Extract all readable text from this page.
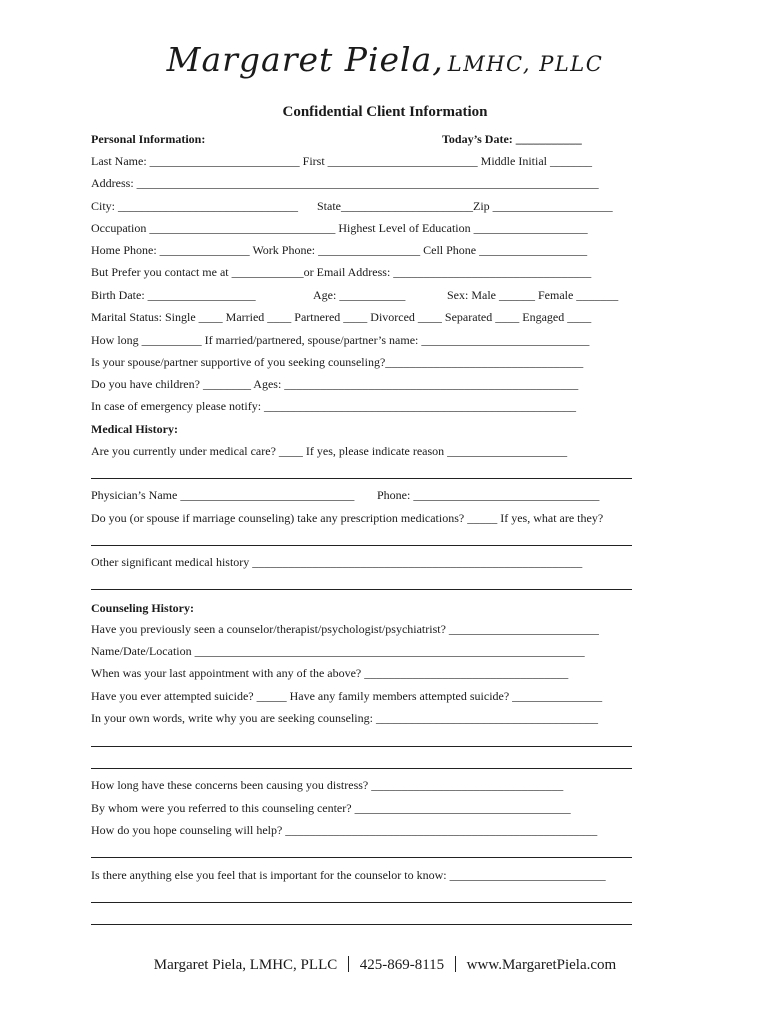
Margaret Piela, LMHC, PLLC
Confidential Client Information
Personal Information:	Today’s Date: ___________
Last Name: _________________________ First _________________________ Middle Initial _______
Address: _____________________________________________________________________________
City: ______________________________ State______________________Zip ____________________
Occupation _______________________________ Highest Level of Education ___________________
Home Phone: _______________ Work Phone: _________________ Cell Phone __________________
But Prefer you contact me at ____________or Email Address: _________________________________
Birth Date: __________________	Age: ___________	Sex: Male ______ Female _______
Marital Status: Single ____ Married ____ Partnered ____ Divorced ____ Separated ____ Engaged ____
How long __________ If married/partnered, spouse/partner’s name: ____________________________
Is your spouse/partner supportive of you seeking counseling?_________________________________
Do you have children? ________ Ages: _________________________________________________
In case of emergency please notify: ____________________________________________________
Medical History:
Are you currently under medical care? ____ If yes, please indicate reason ____________________
Physician’s Name _____________________________ Phone: _______________________________
Do you (or spouse if marriage counseling) take any prescription medications? _____ If yes, what are they?
Other significant medical history _______________________________________________________
Counseling History:
Have you previously seen a counselor/therapist/psychologist/psychiatrist? _________________________
Name/Date/Location _________________________________________________________________
When was your last appointment with any of the above? __________________________________
Have you ever attempted suicide? _____ Have any family members attempted suicide? _______________
In your own words, write why you are seeking counseling: _____________________________________
How long have these concerns been causing you distress? ________________________________
By whom were you referred to this counseling center? ____________________________________
How do you hope counseling will help? ____________________________________________________
Is there anything else you feel that is important for the counselor to know: __________________________
Margaret Piela, LMHC, PLLC 425-869-8115 www.MargaretPiela.com
